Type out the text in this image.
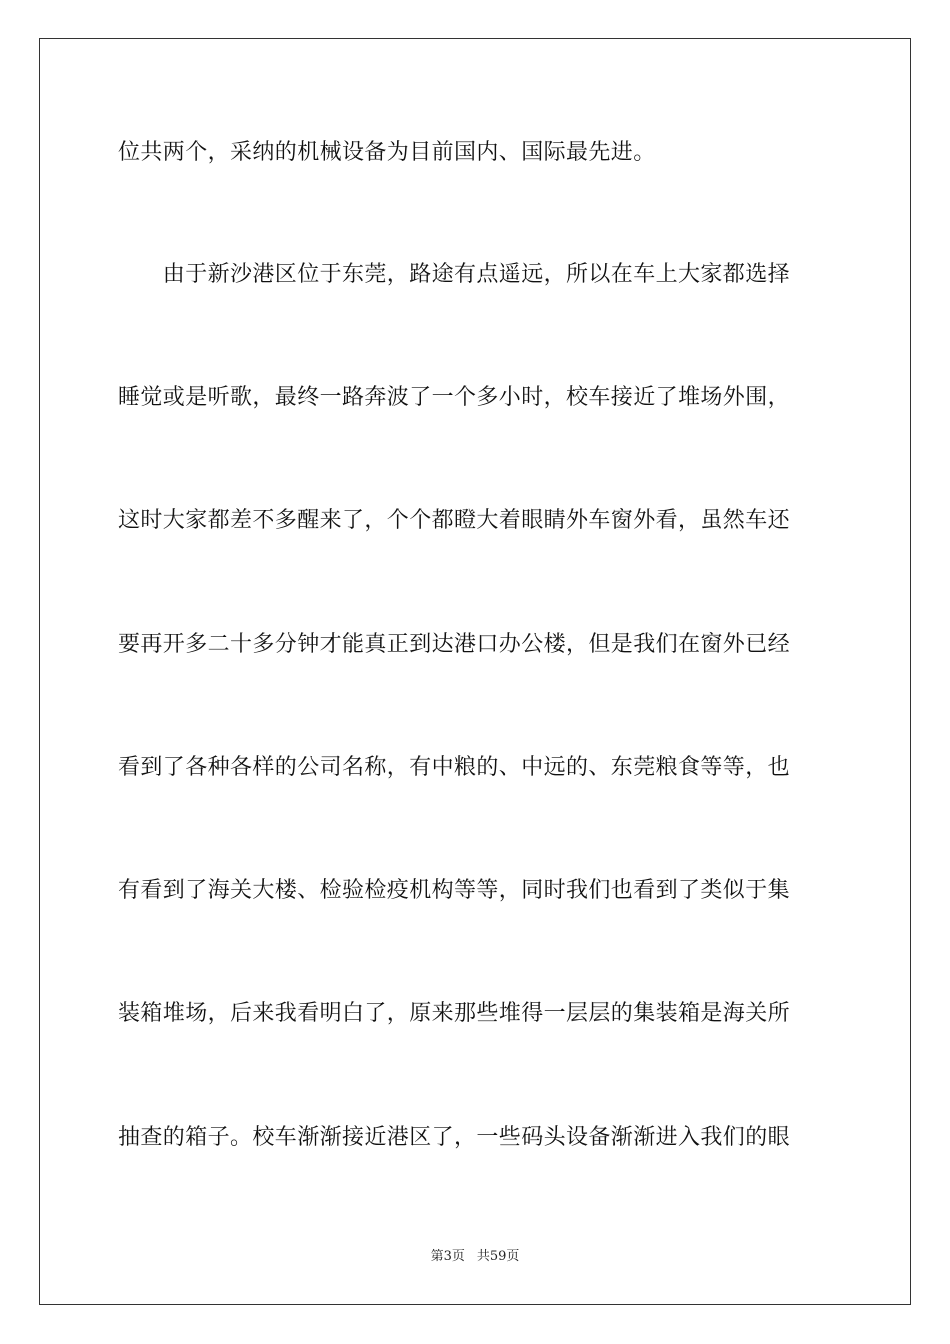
位共两个，采纳的机械设备为目前国内、国际最先进。
　　由于新沙港区位于东莞，路途有点遥远，所以在车上大家都选择
睡觉或是听歌，最终一路奔波了一个多小时，校车接近了堆场外围，
这时大家都差不多醒来了，个个都瞪大着眼睛外车窗外看，虽然车还
要再开多二十多分钟才能真正到达港口办公楼，但是我们在窗外已经
看到了各种各样的公司名称，有中粮的、中远的、东莞粮食等等，也
有看到了海关大楼、检验检疫机构等等，同时我们也看到了类似于集
装箱堆场，后来我看明白了，原来那些堆得一层层的集装箱是海关所
抽查的箱子。校车渐渐接近港区了，一些码头设备渐渐进入我们的眼
第3页 共59页
